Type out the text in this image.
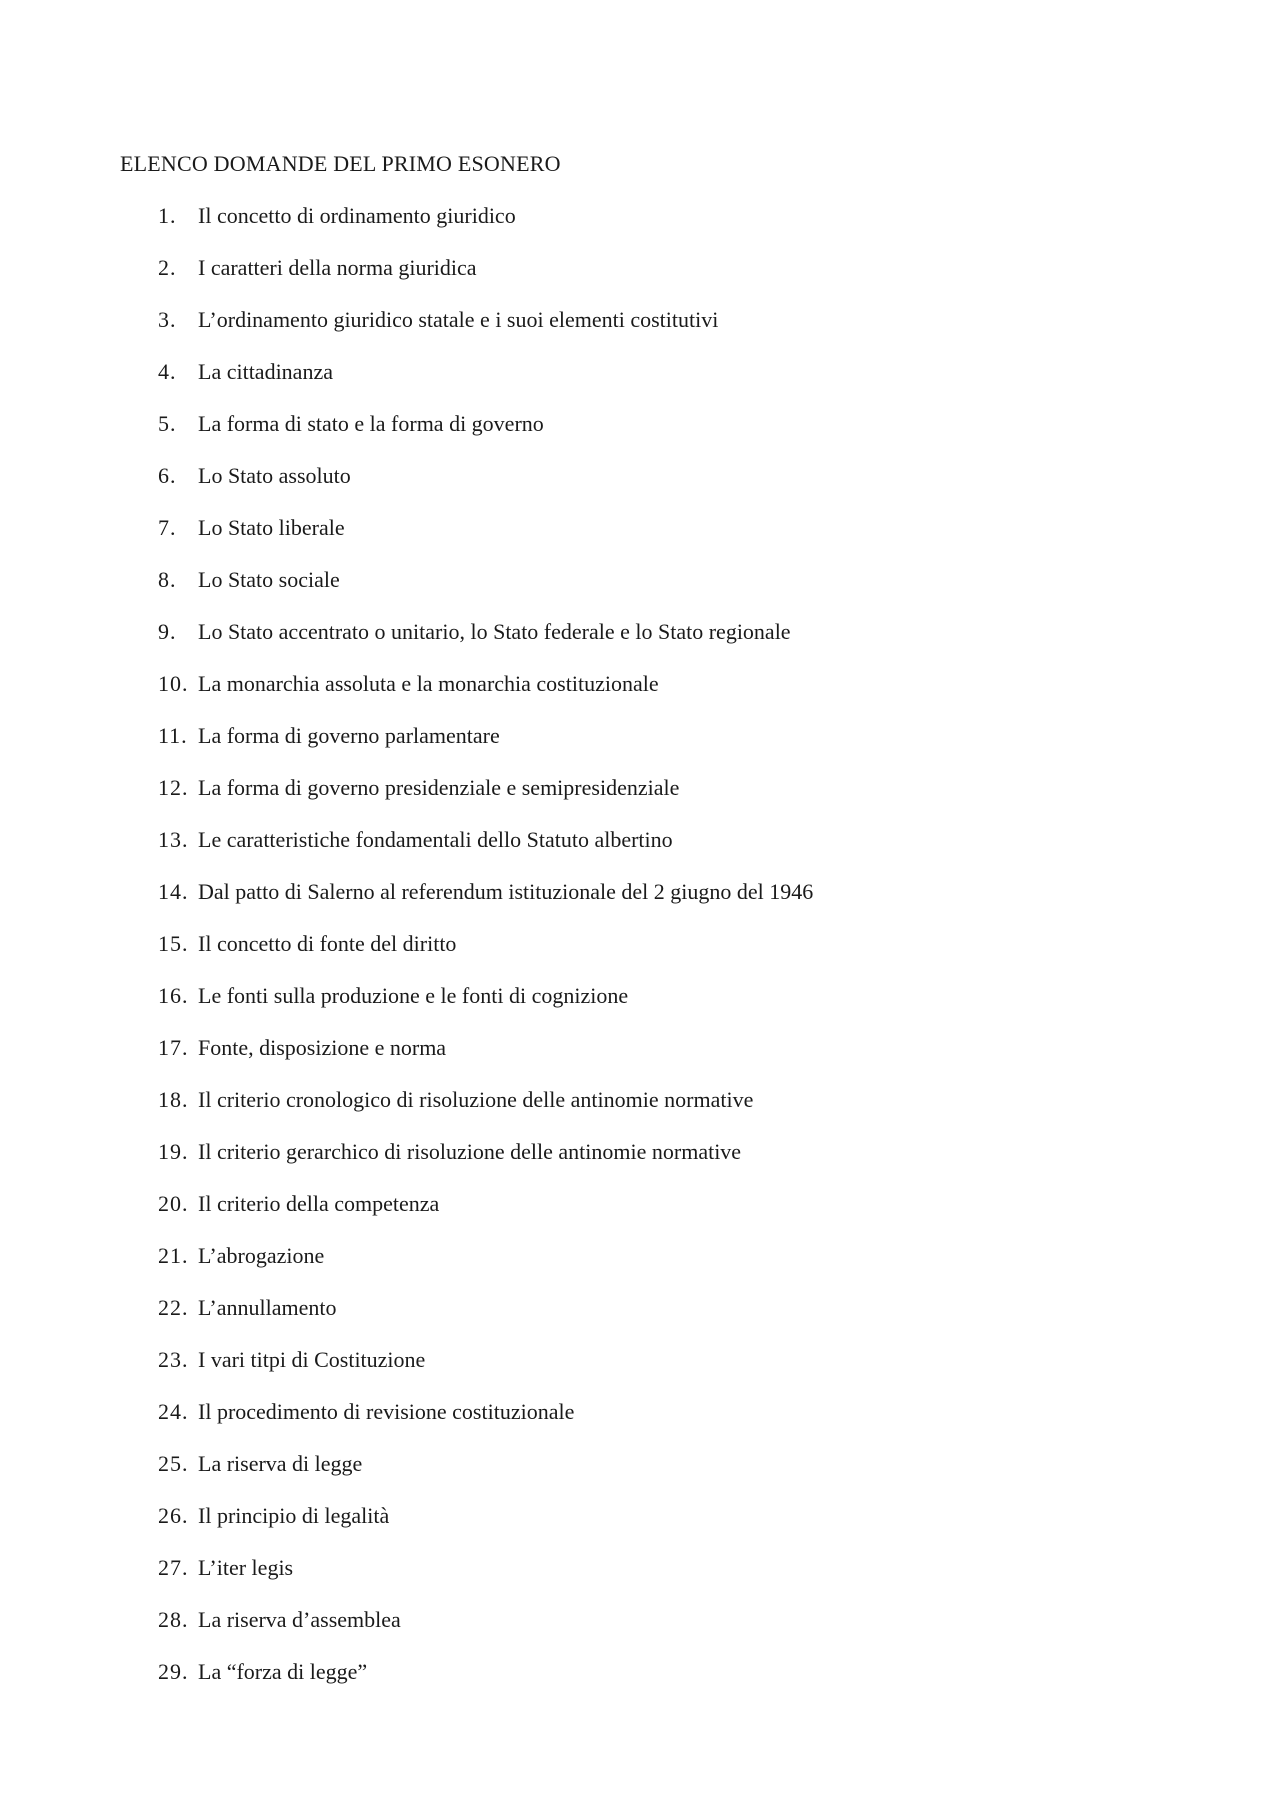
ELENCO DOMANDE DEL PRIMO ESONERO
1. Il concetto di ordinamento giuridico
2. I caratteri della norma giuridica
3. L’ordinamento giuridico statale e i suoi elementi costitutivi
4. La cittadinanza
5. La forma di stato e la forma di governo
6. Lo Stato assoluto
7. Lo Stato liberale
8. Lo Stato sociale
9. Lo Stato accentrato o unitario, lo Stato federale e lo Stato regionale
10. La monarchia assoluta e la monarchia costituzionale
11. La forma di governo parlamentare
12. La forma di governo presidenziale e semipresidenziale
13. Le caratteristiche fondamentali dello Statuto albertino
14. Dal patto di Salerno al referendum istituzionale del 2 giugno del 1946
15. Il concetto di fonte del diritto
16. Le fonti sulla produzione e le fonti di cognizione
17. Fonte, disposizione e norma
18. Il criterio cronologico di risoluzione delle antinomie normative
19. Il criterio gerarchico di risoluzione delle antinomie normative
20. Il criterio della competenza
21. L’abrogazione
22. L’annullamento
23. I vari titpi di Costituzione
24. Il procedimento di revisione costituzionale
25. La riserva di legge
26. Il principio di legalità
27. L’iter legis
28. La riserva d’assemblea
29. La “forza di legge”
